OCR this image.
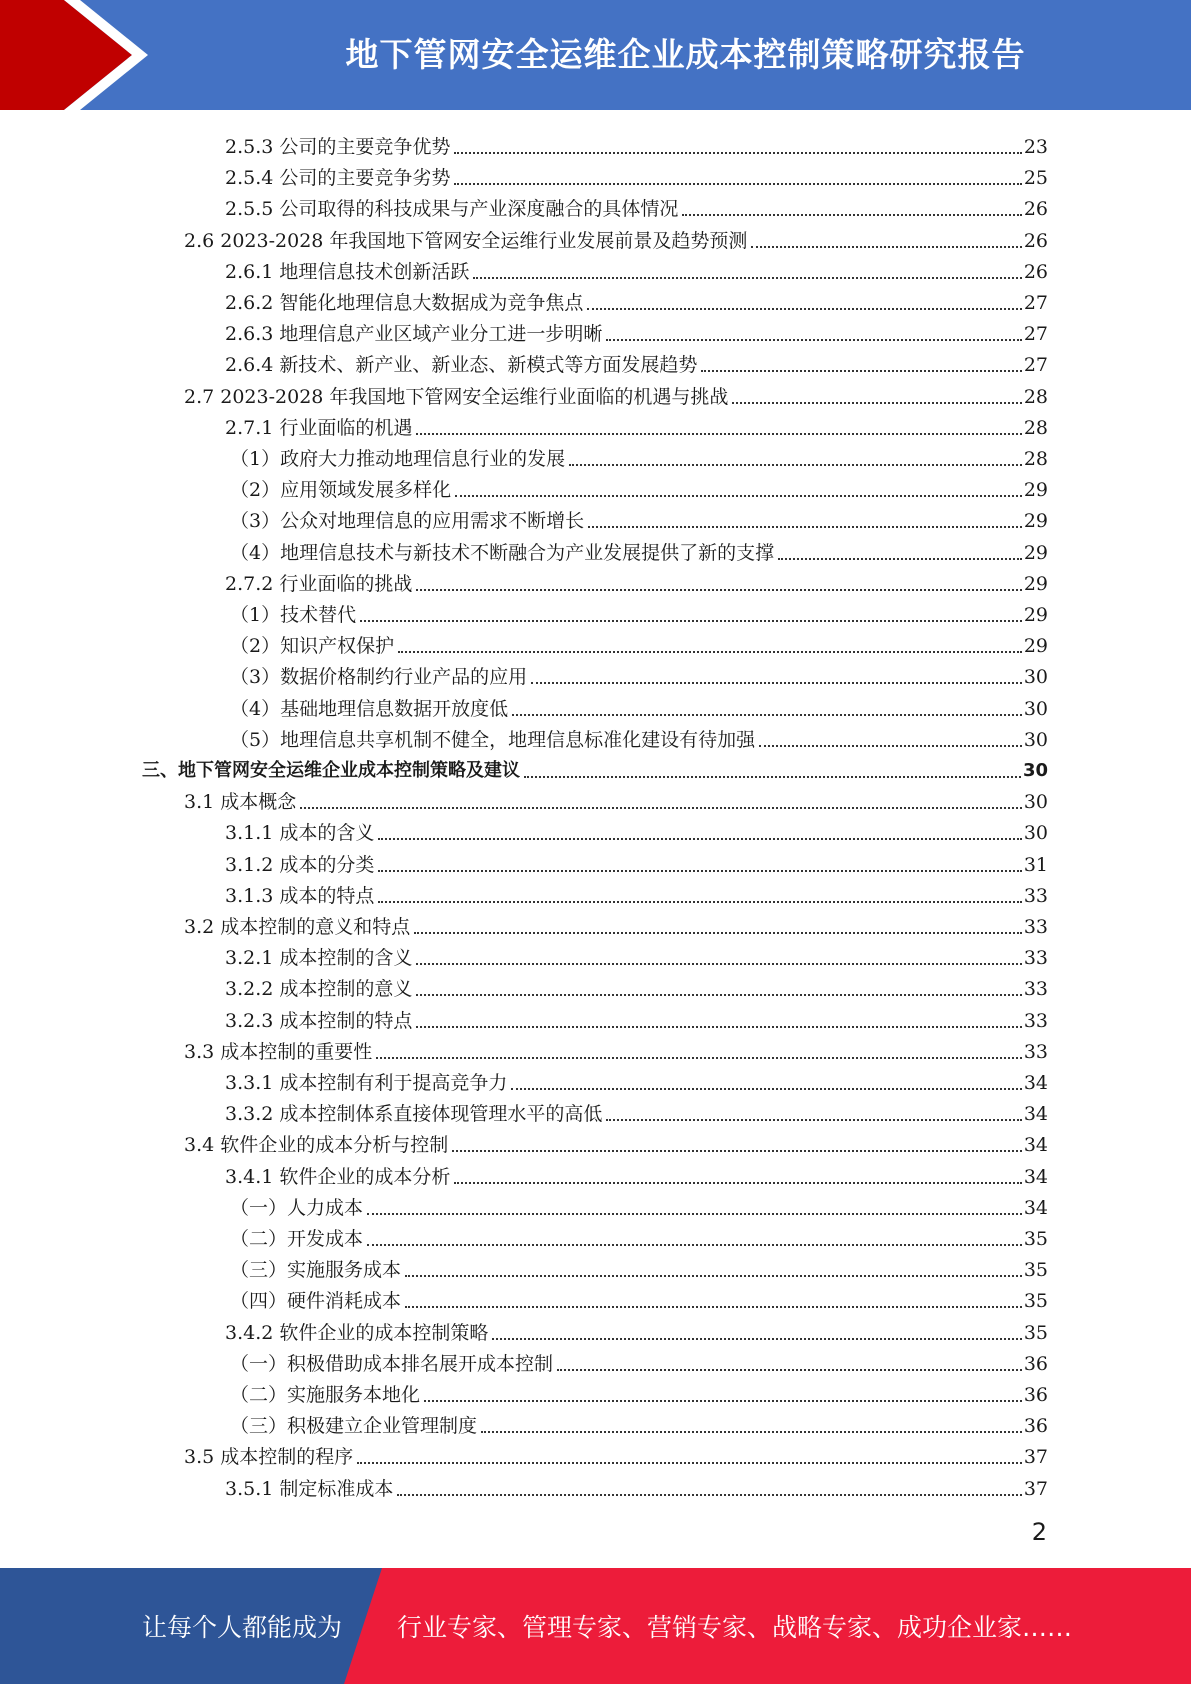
地下管网安全运维企业成本控制策略研究报告
2.5.3 公司的主要竞争优势	23
2.5.4 公司的主要竞争劣势	25
2.5.5 公司取得的科技成果与产业深度融合的具体情况	26
2.6 2023-2028 年我国地下管网安全运维行业发展前景及趋势预测	26
2.6.1 地理信息技术创新活跃	26
2.6.2 智能化地理信息大数据成为竞争焦点	27
2.6.3 地理信息产业区域产业分工进一步明晰	27
2.6.4 新技术、新产业、新业态、新模式等方面发展趋势	27
2.7 2023-2028 年我国地下管网安全运维行业面临的机遇与挑战	28
2.7.1 行业面临的机遇	28
（1）政府大力推动地理信息行业的发展	28
（2）应用领域发展多样化	29
（3）公众对地理信息的应用需求不断增长	29
（4）地理信息技术与新技术不断融合为产业发展提供了新的支撑	29
2.7.2 行业面临的挑战	29
（1）技术替代	29
（2）知识产权保护	29
（3）数据价格制约行业产品的应用	30
（4）基础地理信息数据开放度低	30
（5）地理信息共享机制不健全，地理信息标准化建设有待加强	30
三、地下管网安全运维企业成本控制策略及建议	30
3.1 成本概念	30
3.1.1 成本的含义	30
3.1.2 成本的分类	31
3.1.3 成本的特点	33
3.2 成本控制的意义和特点	33
3.2.1 成本控制的含义	33
3.2.2 成本控制的意义	33
3.2.3 成本控制的特点	33
3.3 成本控制的重要性	33
3.3.1 成本控制有利于提高竞争力	34
3.3.2 成本控制体系直接体现管理水平的高低	34
3.4 软件企业的成本分析与控制	34
3.4.1 软件企业的成本分析	34
（一）人力成本	34
（二）开发成本	35
（三）实施服务成本	35
（四）硬件消耗成本	35
3.4.2 软件企业的成本控制策略	35
（一）积极借助成本排名展开成本控制	36
（二）实施服务本地化	36
（三）积极建立企业管理制度	36
3.5 成本控制的程序	37
3.5.1 制定标准成本	37
2
让每个人都能成为 行业专家、管理专家、营销专家、战略专家、成功企业家……
